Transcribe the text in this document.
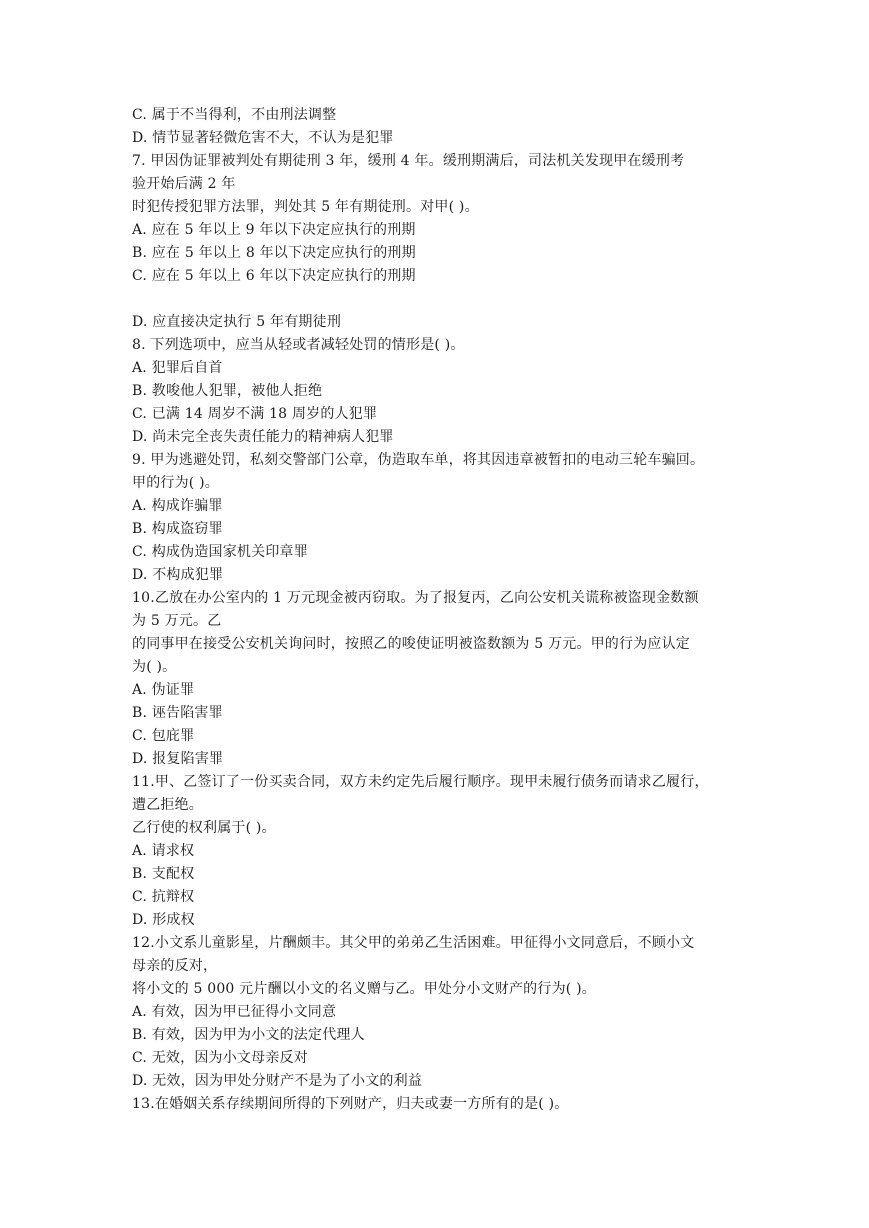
C. 属于不当得利，不由刑法调整
D. 情节显著轻微危害不大，不认为是犯罪
7. 甲因伪证罪被判处有期徒刑 3 年，缓刑 4 年。缓刑期满后，司法机关发现甲在缓刑考
验开始后满 2 年
时犯传授犯罪方法罪，判处其 5 年有期徒刑。对甲( )。
A. 应在 5 年以上 9 年以下决定应执行的刑期
B. 应在 5 年以上 8 年以下决定应执行的刑期
C. 应在 5 年以上 6 年以下决定应执行的刑期
D. 应直接决定执行 5 年有期徒刑
8. 下列选项中，应当从轻或者减轻处罚的情形是( )。
A. 犯罪后自首
B. 教唆他人犯罪，被他人拒绝
C. 已满 14 周岁不满 18 周岁的人犯罪
D. 尚未完全丧失责任能力的精神病人犯罪
9. 甲为逃避处罚，私刻交警部门公章，伪造取车单，将其因违章被暂扣的电动三轮车骗回。
甲的行为( )。
A. 构成诈骗罪
B. 构成盗窃罪
C. 构成伪造国家机关印章罪
D. 不构成犯罪
10.乙放在办公室内的 1 万元现金被丙窃取。为了报复丙，乙向公安机关谎称被盗现金数额
为 5 万元。乙
的同事甲在接受公安机关询问时，按照乙的唆使证明被盗数额为 5 万元。甲的行为应认定
为( )。
A. 伪证罪
B. 诬告陷害罪
C. 包庇罪
D. 报复陷害罪
11.甲、乙签订了一份买卖合同，双方未约定先后履行顺序。现甲未履行债务而请求乙履行，
遭乙拒绝。
乙行使的权利属于( )。
A. 请求权
B. 支配权
C. 抗辩权
D. 形成权
12.小文系儿童影星，片酬颇丰。其父甲的弟弟乙生活困难。甲征得小文同意后，不顾小文
母亲的反对，
将小文的 5 000 元片酬以小文的名义赠与乙。甲处分小文财产的行为( )。
A. 有效，因为甲已征得小文同意
B. 有效，因为甲为小文的法定代理人
C. 无效，因为小文母亲反对
D. 无效，因为甲处分财产不是为了小文的利益
13.在婚姻关系存续期间所得的下列财产，归夫或妻一方所有的是( )。
